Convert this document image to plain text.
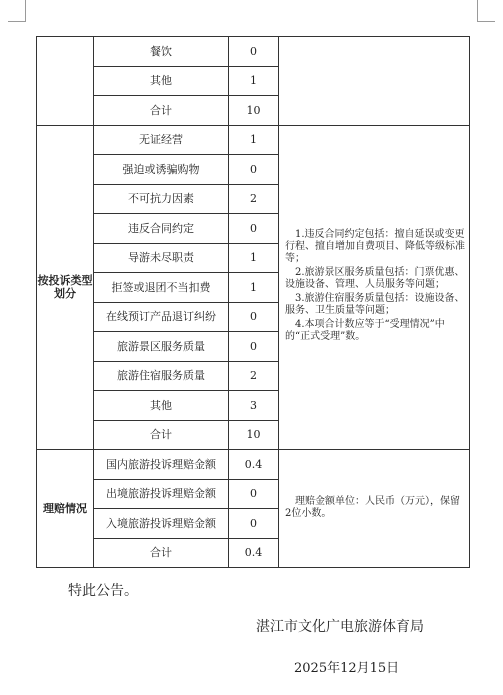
	餐饮	0	
	其他	1	
	合计	10	
按投诉类型划分	无证经营	1	1.违反合同约定包括：擅自延误或变更行程、擅自增加自费项目、降低等级标准等；

2.旅游景区服务质量包括：门票优惠、设施设备、管理、人员服务等问题；

3.旅游住宿服务质量包括：设施设备、服务、卫生质量等问题；

4.本项合计数应等于“受理情况”中的“正式受理”数。

	强迫或诱骗购物	0	
	不可抗力因素	2	
	违反合同约定	0	
	导游未尽职责	1	
	拒签或退团不当扣费	1	
	在线预订产品退订纠纷	0	
	旅游景区服务质量	0	
	旅游住宿服务质量	2	
	其他	3	
	合计	10	
理赔情况	国内旅游投诉理赔金额	0.4	理赔金额单位：人民币（万元），保留2位小数。

	出境旅游投诉理赔金额	0	
	入境旅游投诉理赔金额	0	
	合计	0.4	
特此公告。
湛江市文化广电旅游体育局
2025年12月15日
